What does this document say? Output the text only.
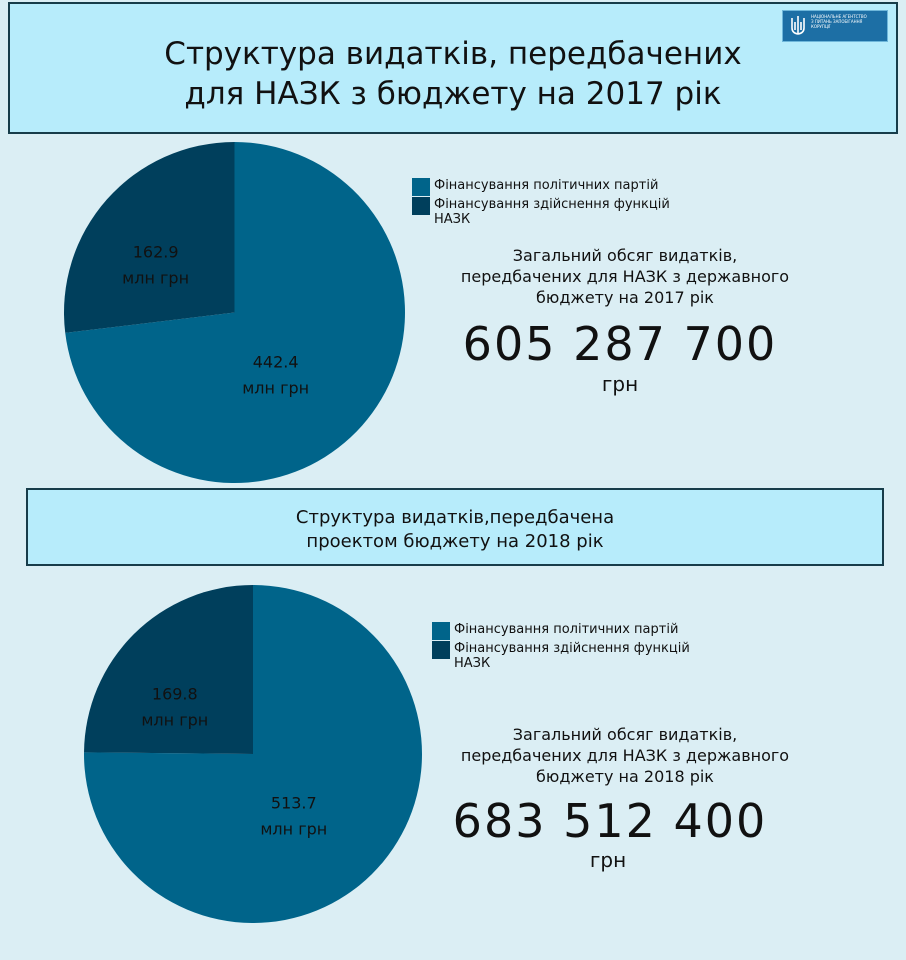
Структура видатків, передбачених
для НАЗК з бюджету на 2017 рік
НАЦІОНАЛЬНЕ АГЕНТСТВО
З ПИТАНЬ ЗАПОБІГАННЯ
КОРУПЦІЇ
442.4 млн грн
162.9 млн грн
Фінансування політичних партій
Фінансування здійснення функцій
НАЗК
Загальний обсяг видатків,
передбачених для НАЗК з державного
бюджету на 2017 рік
605 287 700
грн
Структура видатків,передбачена
проектом бюджету на 2018 рік
513.7 млн грн
169.8 млн грн
Фінансування політичних партій
Фінансування здійснення функцій
НАЗК
Загальний обсяг видатків,
передбачених для НАЗК з державного
бюджету на 2018 рік
683 512 400
грн
